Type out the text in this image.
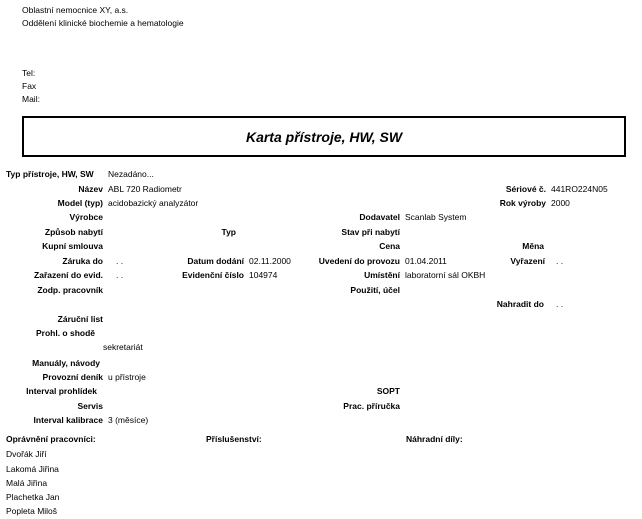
Oblastní nemocnice XY, a.s.
Oddělení klinické biochemie a hematologie
Tel:
Fax
Mail:
Karta přístroje, HW, SW
Typ přístroje, HW, SW Nezadáno...
Název ABL 720 Radiometr	Sériové č. 441RO224N05
Model (typ) acidobazický analyzátor	Rok výroby 2000
Výrobce	Dodavatel Scanlab System
Způsob nabytí	Typ	Stav při nabytí
Kupní smlouva	Cena	Měna
Záruka do . .	Datum dodání 02.11.2000	Uvedení do provozu 01.04.2011	Vyřazení . .
Zařazení do evid. . .	Evidenční číslo 104974	Umístění laboratorní sál OKBH
Zodp. pracovník	Použití, účel
Nahradit do . .
Záruční list
Prohl. o shodě
sekretariát
Manuály, návody
Provozní deník u přístroje
Interval prohlídek	SOPT
Servis	Prac. příručka
Interval kalibrace 3 (měsíce)
Oprávnění pracovníci:	Příslušenství:	Náhradní díly:
Dvořák Jiří
Lakomá Jiřina
Malá Jiřina
Plachetka Jan
Popleta Miloš
